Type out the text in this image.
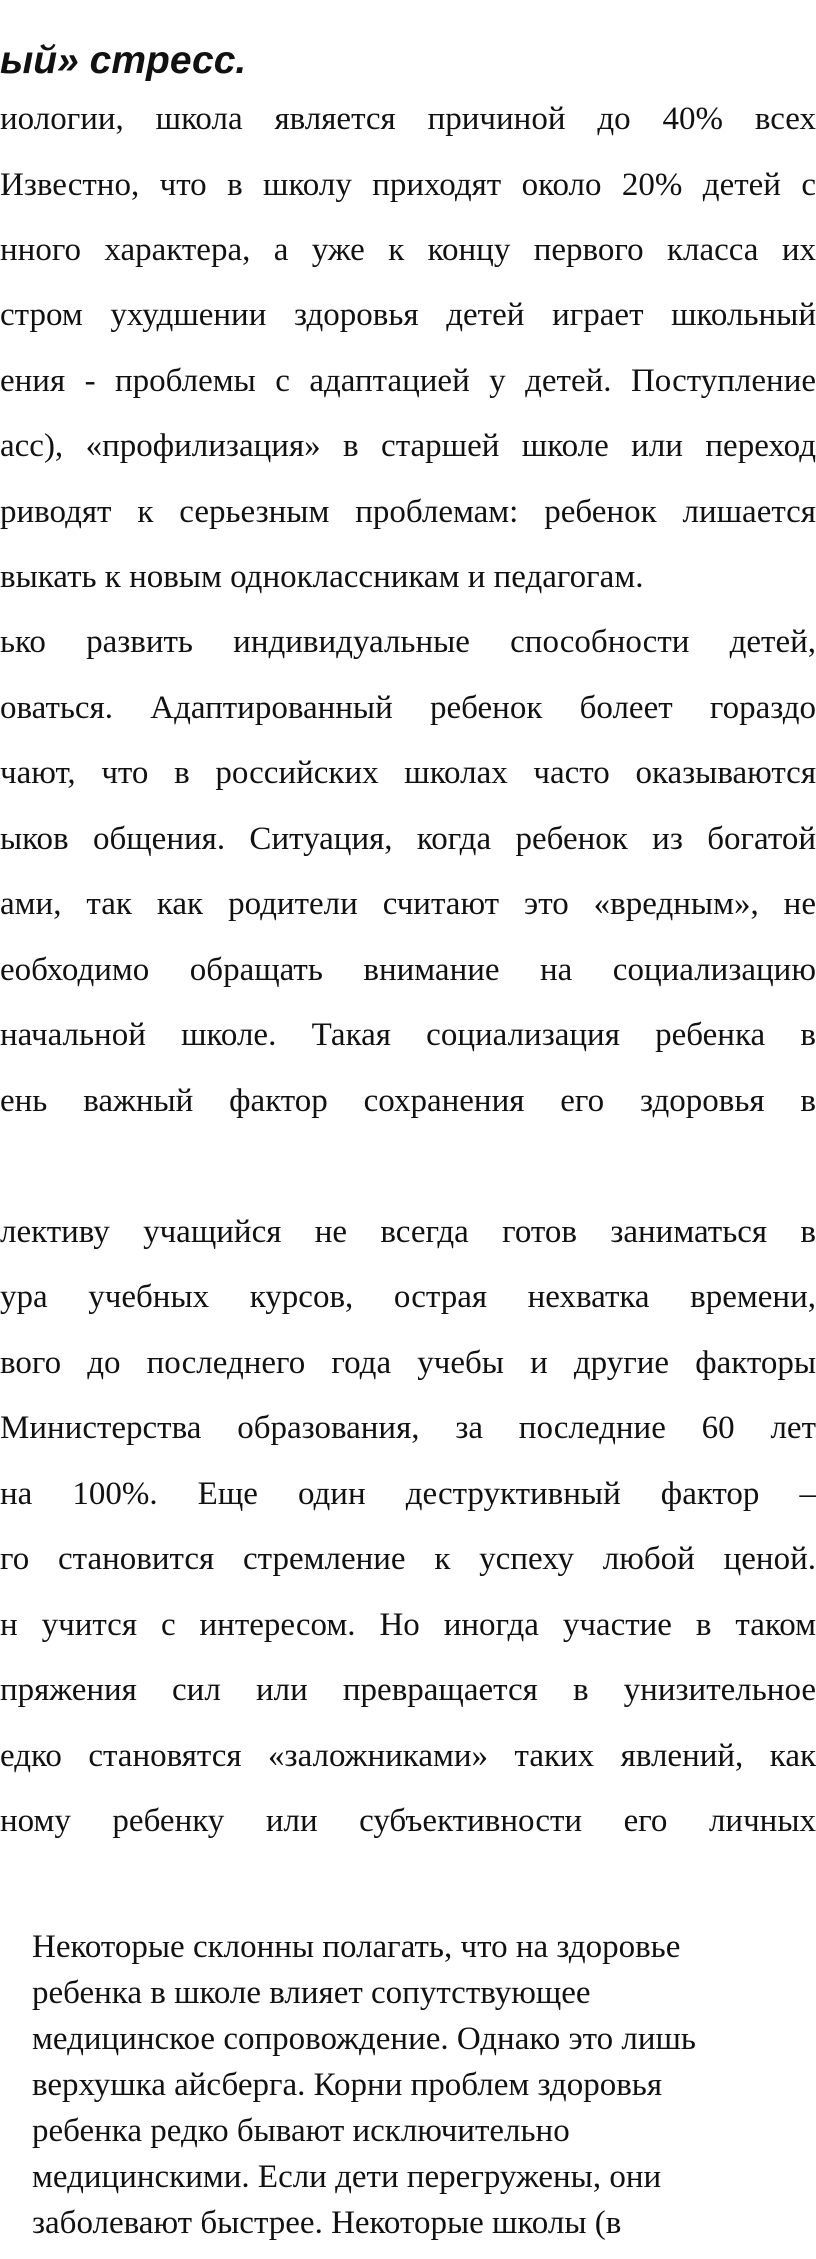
ый» стресс.
иологии, школа является причиной до 40% всех
Известно, что в школу приходят около 20% детей с
нного характера, а уже к концу первого класса их
стром ухудшении здоровья детей играет школьный
ения - проблемы с адаптацией у детей. Поступление
асс), «профилизация» в старшей школе или переход
риводят к серьезным проблемам: ребенок лишается
выкать к новым одноклассникам и педагогам.
ько развить индивидуальные способности детей,
оваться. Адаптированный ребенок болеет гораздо
чают, что в российских школах часто оказываются
ыков общения. Ситуация, когда ребенок из богатой
ами, так как родители считают это «вредным», не
еобходимо обращать внимание на социализацию
начальной школе. Такая социализация ребенка в
ень важный фактор сохранения его здоровья в
лективу учащийся не всегда готов заниматься в
ура учебных курсов, острая нехватка времени,
вого до последнего года учебы и другие факторы
Министерства образования, за последние 60 лет
на 100%. Еще один деструктивный фактор –
го становится стремление к успеху любой ценой.
н учится с интересом. Но иногда участие в таком
пряжения сил или превращается в унизительное
едко становятся «заложниками» таких явлений, как
ному ребенку или субъективности его личных
Некоторые склонны полагать, что на здоровье
ребенка в школе влияет сопутствующее
медицинское сопровождение. Однако это лишь
верхушка айсберга. Корни проблем здоровья
ребенка редко бывают исключительно
медицинскими. Если дети перегружены, они
заболевают быстрее. Некоторые школы (в
